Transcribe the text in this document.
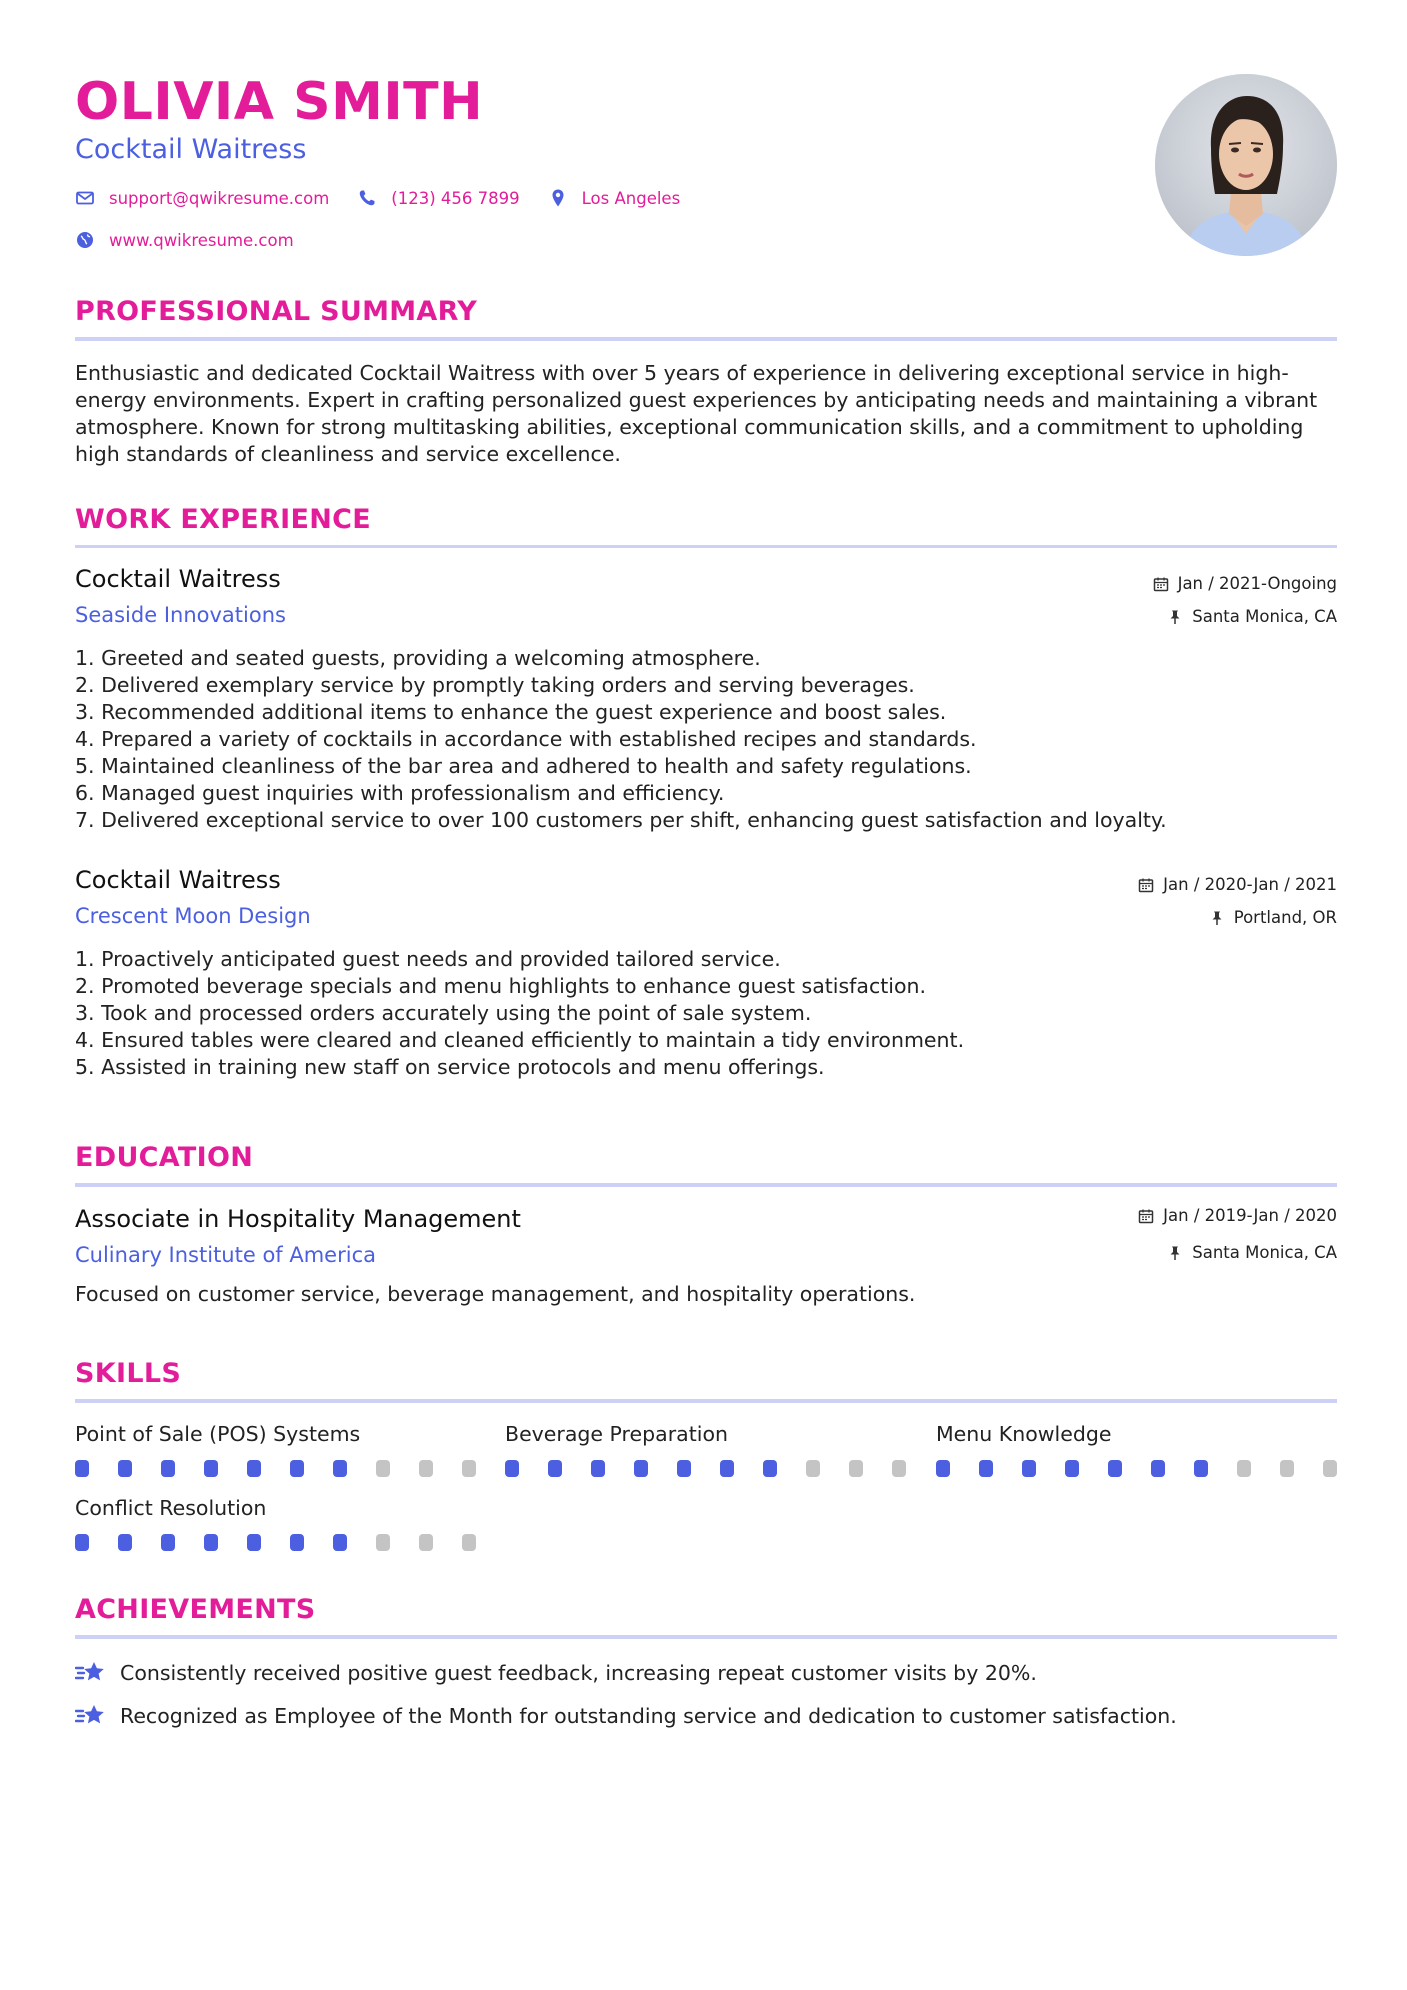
OLIVIA SMITH
Cocktail Waitress
support@qwikresume.com	(123) 456 7899	Los Angeles
www.qwikresume.com
PROFESSIONAL SUMMARY

Enthusiastic and dedicated Cocktail Waitress with over 5 years of experience in delivering exceptional service in high-energy environments. Expert in crafting personalized guest experiences by anticipating needs and maintaining a vibrant atmosphere. Known for strong multitasking abilities, exceptional communication skills, and a commitment to upholding high standards of cleanliness and service excellence.

WORK EXPERIENCE
Cocktail Waitress
Seaside Innovations
Jan / 2021-Ongoing
Santa Monica, CA
1. Greeted and seated guests, providing a welcoming atmosphere.
2. Delivered exemplary service by promptly taking orders and serving beverages.
3. Recommended additional items to enhance the guest experience and boost sales.
4. Prepared a variety of cocktails in accordance with established recipes and standards.
5. Maintained cleanliness of the bar area and adhered to health and safety regulations.
6. Managed guest inquiries with professionalism and efficiency.
7. Delivered exceptional service to over 100 customers per shift, enhancing guest satisfaction and loyalty.
Cocktail Waitress
Crescent Moon Design
Jan / 2020-Jan / 2021
Portland, OR
1. Proactively anticipated guest needs and provided tailored service.
2. Promoted beverage specials and menu highlights to enhance guest satisfaction.
3. Took and processed orders accurately using the point of sale system.
4. Ensured tables were cleared and cleaned efficiently to maintain a tidy environment.
5. Assisted in training new staff on service protocols and menu offerings.
EDUCATION
Associate in Hospitality Management
Culinary Institute of America
Jan / 2019-Jan / 2020
Santa Monica, CA
Focused on customer service, beverage management, and hospitality operations.
SKILLS
Point of Sale (POS) Systems	Beverage Preparation	Menu Knowledge
Conflict Resolution
ACHIEVEMENTS
Consistently received positive guest feedback, increasing repeat customer visits by 20%.
Recognized as Employee of the Month for outstanding service and dedication to customer satisfaction.
